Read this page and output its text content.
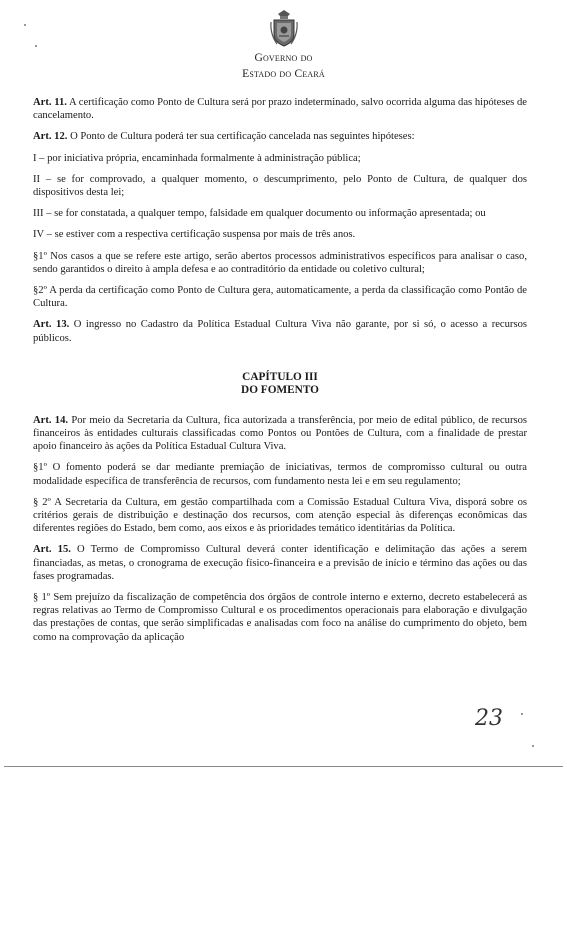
Governo do
Estado do Ceará

Art. 11. A certificação como Ponto de Cultura será por prazo indeterminado, salvo ocorrida alguma das hipóteses de cancelamento.

Art. 12. O Ponto de Cultura poderá ter sua certificação cancelada nas seguintes hipóteses:

I – por iniciativa própria, encaminhada formalmente à administração pública;

II – se for comprovado, a qualquer momento, o descumprimento, pelo Ponto de Cultura, de qualquer dos dispositivos desta lei;

III – se for constatada, a qualquer tempo, falsidade em qualquer documento ou informação apresentada; ou

IV – se estiver com a respectiva certificação suspensa por mais de três anos.

§1º Nos casos a que se refere este artigo, serão abertos processos administrativos específicos para analisar o caso, sendo garantidos o direito à ampla defesa e ao contraditório da entidade ou coletivo cultural;

§2º A perda da certificação como Ponto de Cultura gera, automaticamente, a perda da classificação como Pontão de Cultura.

Art. 13. O ingresso no Cadastro da Política Estadual Cultura Viva não garante, por si só, o acesso a recursos públicos.

CAPÍTULO III
DO FOMENTO

Art. 14. Por meio da Secretaria da Cultura, fica autorizada a transferência, por meio de edital público, de recursos financeiros às entidades culturais classificadas como Pontos ou Pontões de Cultura, com a finalidade de prestar apoio financeiro às ações da Política Estadual Cultura Viva.

§1º O fomento poderá se dar mediante premiação de iniciativas, termos de compromisso cultural ou outra modalidade específica de transferência de recursos, com fundamento nesta lei e em seu regulamento;

§ 2º A Secretaria da Cultura, em gestão compartilhada com a Comissão Estadual Cultura Viva, disporá sobre os critérios gerais de distribuição e destinação dos recursos, com atenção especial às diferenças econômicas das diferentes regiões do Estado, bem como, aos eixos e às prioridades temático identitárias da Política.

Art. 15. O Termo de Compromisso Cultural deverá conter identificação e delimitação das ações a serem financiadas, as metas, o cronograma de execução físico-financeira e a previsão de início e término das ações ou das fases programadas.

§ 1º Sem prejuízo da fiscalização de competência dos órgãos de controle interno e externo, decreto estabelecerá as regras relativas ao Termo de Compromisso Cultural e os procedimentos operacionais para elaboração e divulgação das prestações de contas, que serão simplificadas e analisadas com foco na análise do cumprimento do objeto, bem como na comprovação da aplicação

23
